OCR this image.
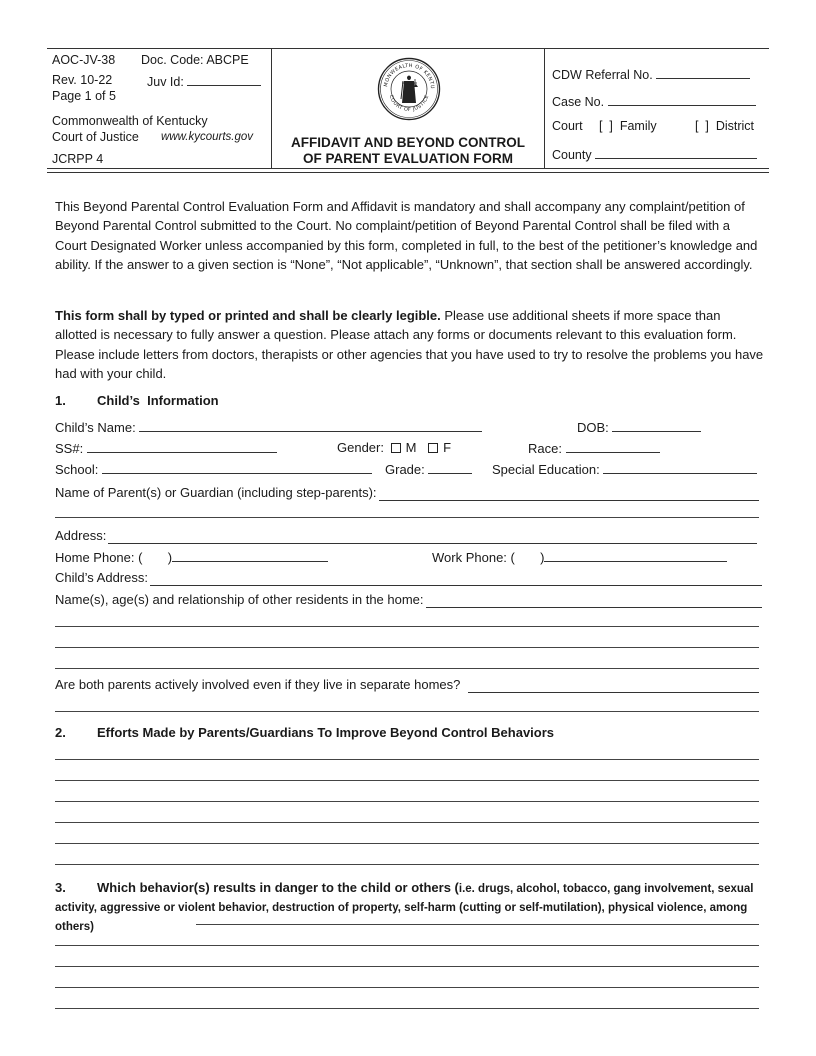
AOC-JV-38 Doc. Code: ABCPE
Rev. 10-22	Juv Id:
Page 1 of 5
Commonwealth of Kentucky
Court of Justice www.kycourts.gov
JCRPP 4
MONWEALTH OF KENTU
COURT OF JUSTICE
AFFIDAVIT AND BEYOND CONTROL
OF PARENT EVALUATION FORM
CDW Referral No.
Case No.
Court [  ]  Family	[  ]  District
County
This Beyond Parental Control Evaluation Form and Affidavit is mandatory and shall accompany any complaint/petition of Beyond Parental Control submitted to the Court. No complaint/petition of Beyond Parental Control shall be filed with a Court Designated Worker unless accompanied by this form, completed in full, to the best of the petitioner’s knowledge and ability. If the answer to a given section is “None”, “Not applicable”, “Unknown”, that section shall be answered accordingly.
This form shall by typed or printed and shall be clearly legible. Please use additional sheets if more space than allotted is necessary to fully answer a question. Please attach any forms or documents relevant to this evaluation form. Please include letters from doctors, therapists or other agencies that you have used to try to resolve the problems you have had with your child.
1. Child’s  Information
Child’s Name:	DOB:
SS#:	Gender: M F	Race:
School:	Grade:	Special Education:
Name of Parent(s) or Guardian (including step-parents):
Address:
Home Phone: (       )	Work Phone: (       )
Child’s Address:
Name(s), age(s) and relationship of other residents in the home:
Are both parents actively involved even if they live in separate homes?
2. Efforts Made by Parents/Guardians To Improve Beyond Control Behaviors
3.	Which behavior(s) results in danger to the child or others (i.e. drugs, alcohol, tobacco, gang involvement, sexual activity, aggressive or violent behavior, destruction of property, self-harm (cutting or self-mutilation), physical violence, among others)
